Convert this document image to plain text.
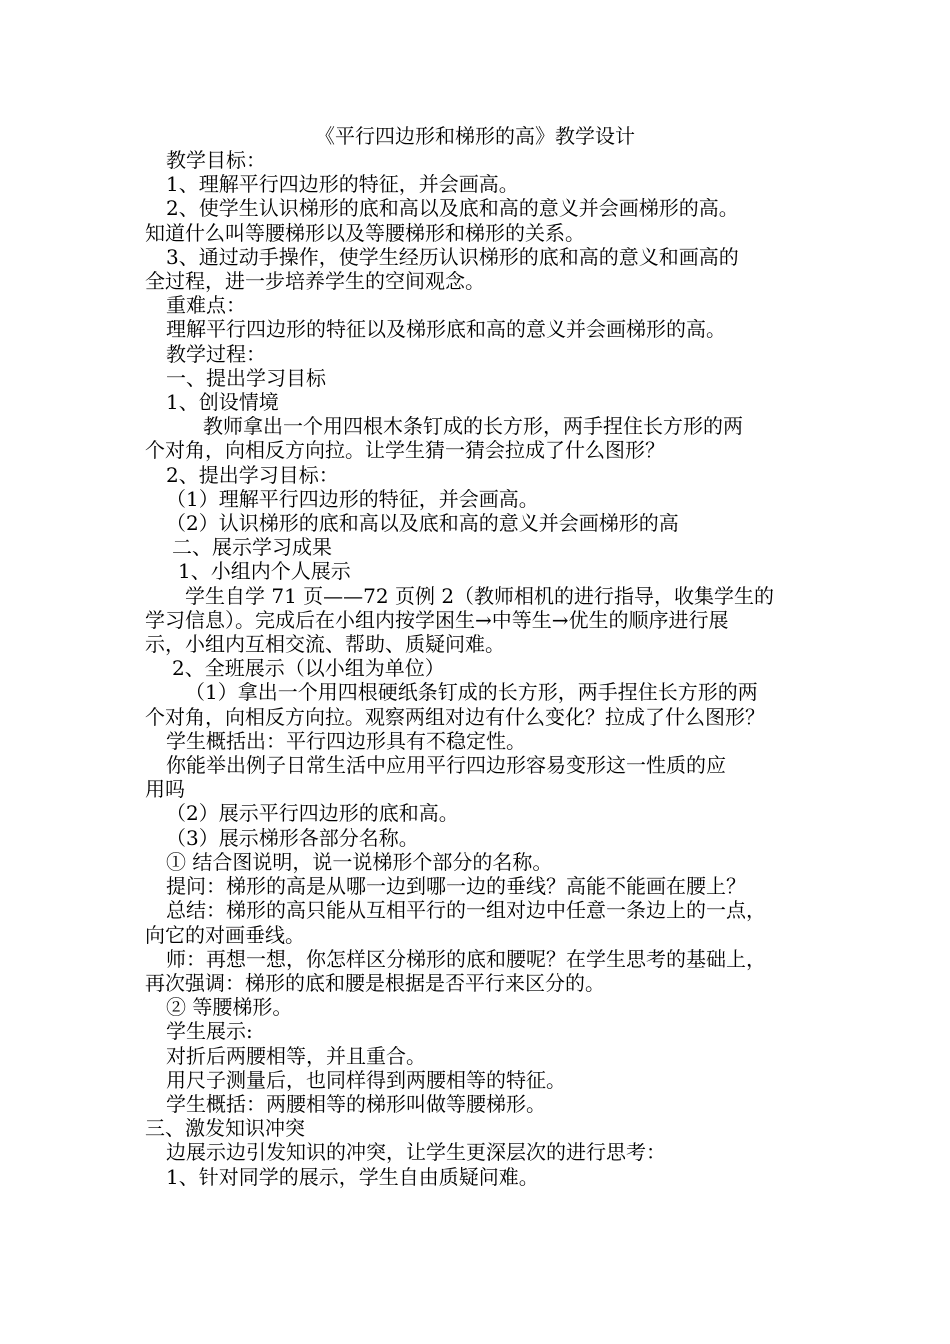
《平行四边形和梯形的高》教学设计

教学目标：

1、理解平行四边形的特征，并会画高。

2、使学生认识梯形的底和高以及底和高的意义并会画梯形的高。

知道什么叫等腰梯形以及等腰梯形和梯形的关系。

3、通过动手操作，使学生经历认识梯形的底和高的意义和画高的

全过程，进一步培养学生的空间观念。

重难点：

理解平行四边形的特征以及梯形底和高的意义并会画梯形的高。

教学过程：

一、提出学习目标

1、创设情境

教师拿出一个用四根木条钉成的长方形，两手捏住长方形的两

个对角，向相反方向拉。让学生猜一猜会拉成了什么图形？

2、提出学习目标：

（1）理解平行四边形的特征，并会画高。

（2）认识梯形的底和高以及底和高的意义并会画梯形的高

二、展示学习成果

1、小组内个人展示

学生自学 71 页——72 页例 2（教师相机的进行指导，收集学生的

学习信息）。完成后在小组内按学困生→中等生→优生的顺序进行展

示，小组内互相交流、帮助、质疑问难。

2、全班展示（以小组为单位）

（1）拿出一个用四根硬纸条钉成的长方形，两手捏住长方形的两

个对角，向相反方向拉。观察两组对边有什么变化？拉成了什么图形？

学生概括出：平行四边形具有不稳定性。

你能举出例子日常生活中应用平行四边形容易变形这一性质的应

用吗

（2）展示平行四边形的底和高。

（3）展示梯形各部分名称。

① 结合图说明，说一说梯形个部分的名称。

提问：梯形的高是从哪一边到哪一边的垂线？高能不能画在腰上？

总结：梯形的高只能从互相平行的一组对边中任意一条边上的一点，

向它的对画垂线。

师：再想一想，你怎样区分梯形的底和腰呢？在学生思考的基础上，

再次强调：梯形的底和腰是根据是否平行来区分的。

② 等腰梯形。

学生展示:

对折后两腰相等，并且重合。

用尺子测量后，也同样得到两腰相等的特征。

学生概括：两腰相等的梯形叫做等腰梯形。

三、激发知识冲突

边展示边引发知识的冲突，让学生更深层次的进行思考：

1、针对同学的展示，学生自由质疑问难。
